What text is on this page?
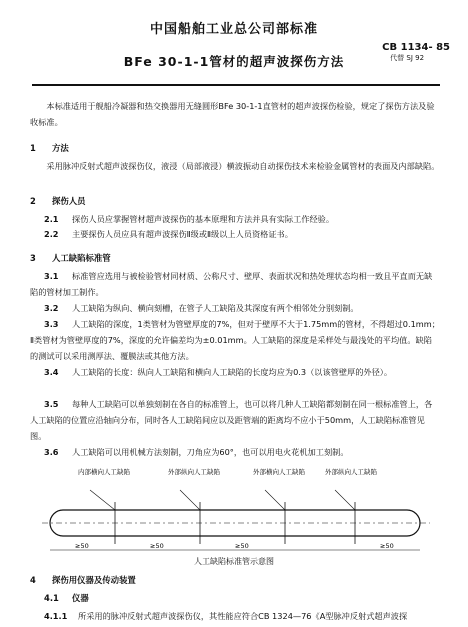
中国船舶工业总公司部标准
CB 1134- 85
代替 SJ 92
BFe 30-1-1管材的超声波探伤方法
本标准适用于舰船冷凝器和热交换器用无缝圆形BFe 30-1-1直管材的超声波探伤检验，规定了探伤方法及验收标准。
1 方法
采用脉冲反射式超声波探伤仪，液浸（局部液浸）横波振动自动探伤技术来检验金属管材的表面及内部缺陷。
2 探伤人员
2.1 探伤人员应掌握管材超声波探伤的基本原理和方法并具有实际工作经验。
2.2 主要探伤人员应具有超声波探伤Ⅱ级或Ⅱ级以上人员资格证书。
3 人工缺陷标准管
3.1 标准管应选用与被检验管材同材质、公称尺寸、壁厚、表面状况和热处理状态均相一致且平直而无缺陷的管材加工制作。
3.2 人工缺陷为纵向、横向刻槽，在管子人工缺陷及其深度有两个相邻处分别刻制。
3.3 人工缺陷的深度，1类管材为管壁厚度的7%，但对于壁厚不大于1.75mm的管材，不得超过0.1mm；Ⅱ类管材为管壁厚度的7%，深度的允许偏差均为±0.01mm。人工缺陷的深度是采样处与最浅处的平均值。缺陷的测试可以采用测厚法、覆膜法或其他方法。
3.4 人工缺陷的长度：纵向人工缺陷和横向人工缺陷的长度均应为0.3（以该管壁厚的外径）。
3.5 每种人工缺陷可以单独刻制在各自的标准管上，也可以将几种人工缺陷都刻制在同一根标准管上，各人工缺陷的位置应沿轴向分布，同时各人工缺陷间应以及距管端的距离均不应小于50mm，人工缺陷标准管见图。
3.6 人工缺陷可以用机械方法刻制，刀角应为60°，也可以用电火花机加工刻制。
内部横向人工缺陷	外部纵向人工缺陷	外部横向人工缺陷	外部纵向人工缺陷
≥50	≥50	≥50	≥50
人工缺陷标准管示意图
4 探伤用仪器及传动装置
4.1 仪器
4.1.1 所采用的脉冲反射式超声波探伤仪，其性能应符合CB 1324—76《A型脉冲反射式超声波探
